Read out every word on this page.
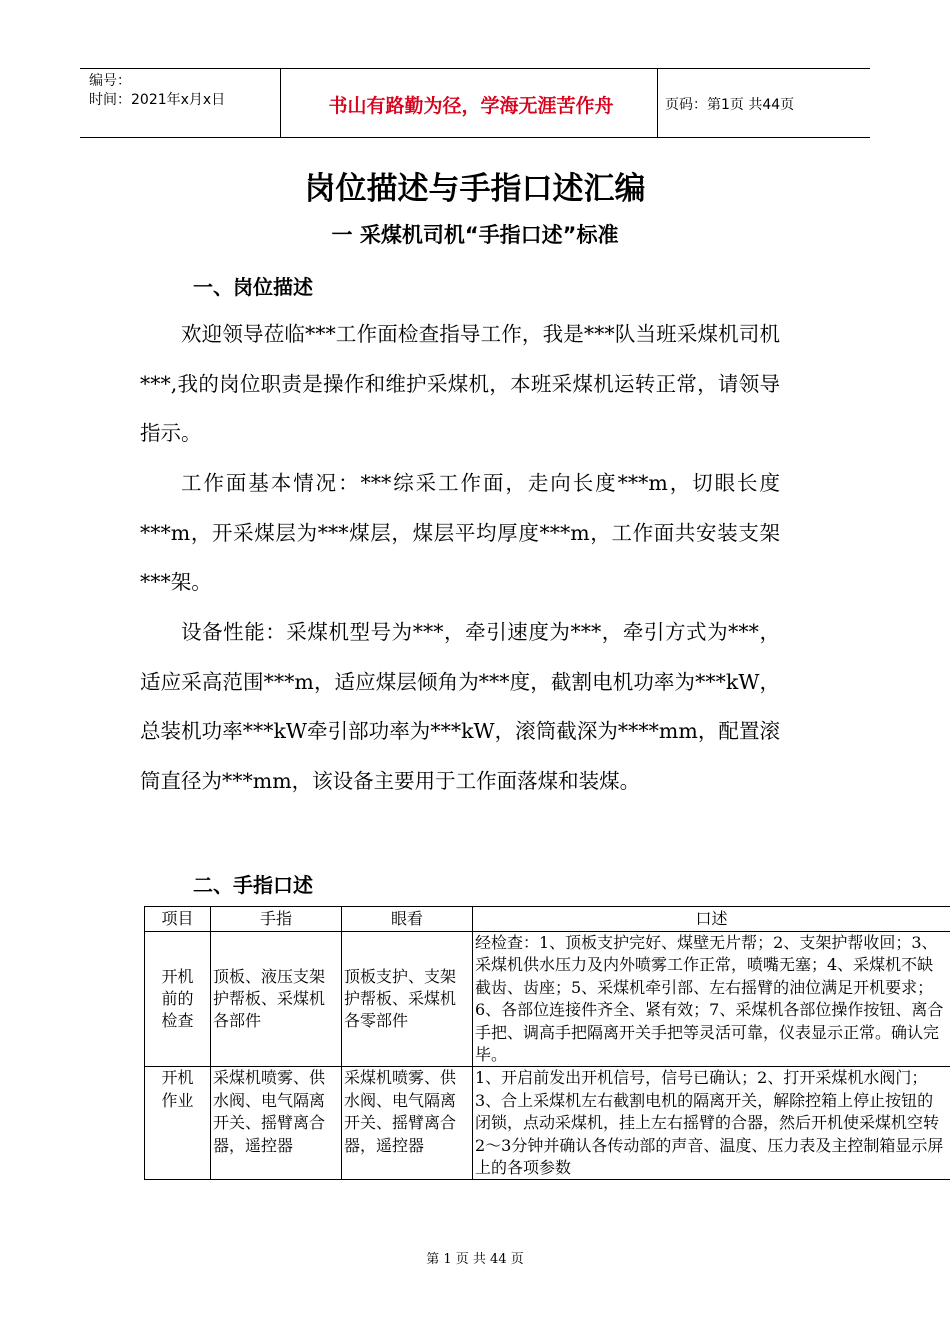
编号：
时间：2021年x月x日	书山有路勤为径，学海无涯苦作舟	页码：第1页 共44页
岗位描述与手指口述汇编
一 采煤机司机“手指口述”标准
一、岗位描述

欢迎领导莅临***工作面检查指导工作，我是***队当班采煤机司机***,我的岗位职责是操作和维护采煤机，本班采煤机运转正常，请领导指示。

工作面基本情况：***综采工作面，走向长度***m，切眼长度***m，开采煤层为***煤层，煤层平均厚度***m，工作面共安装支架***架。

设备性能：采煤机型号为***，牵引速度为***，牵引方式为***，适应采高范围***m，适应煤层倾角为***度，截割电机功率为***kW，总装机功率***kW牵引部功率为***kW，滚筒截深为****mm，配置滚筒直径为***mm，该设备主要用于工作面落煤和装煤。

二、手指口述
项目	手指	眼看	口述
开机前的检查	顶板、液压支架护帮板、采煤机各部件	顶板支护、支架护帮板、采煤机各零部件	经检查：1、顶板支护完好、煤壁无片帮；2、支架护帮收回；3、采煤机供水压力及内外喷雾工作正常，喷嘴无塞；4、采煤机不缺截齿、齿座；5、采煤机牵引部、左右摇臂的油位满足开机要求；6、各部位连接件齐全、紧有效；7、采煤机各部位操作按钮、离合手把、调高手把隔离开关手把等灵活可靠，仪表显示正常。确认完毕。
开机作业	采煤机喷雾、供水阀、电气隔离开关、摇臂离合器，遥控器	采煤机喷雾、供水阀、电气隔离开关、摇臂离合器，遥控器	1、开启前发出开机信号，信号已确认；2、打开采煤机水阀门；3、合上采煤机左右截割电机的隔离开关，解除控箱上停止按钮的闭锁，点动采煤机，挂上左右摇臂的合器，然后开机使采煤机空转2～3分钟并确认各传动部的声音、温度、压力表及主控制箱显示屏上的各项参数
第 1 页 共 44 页
